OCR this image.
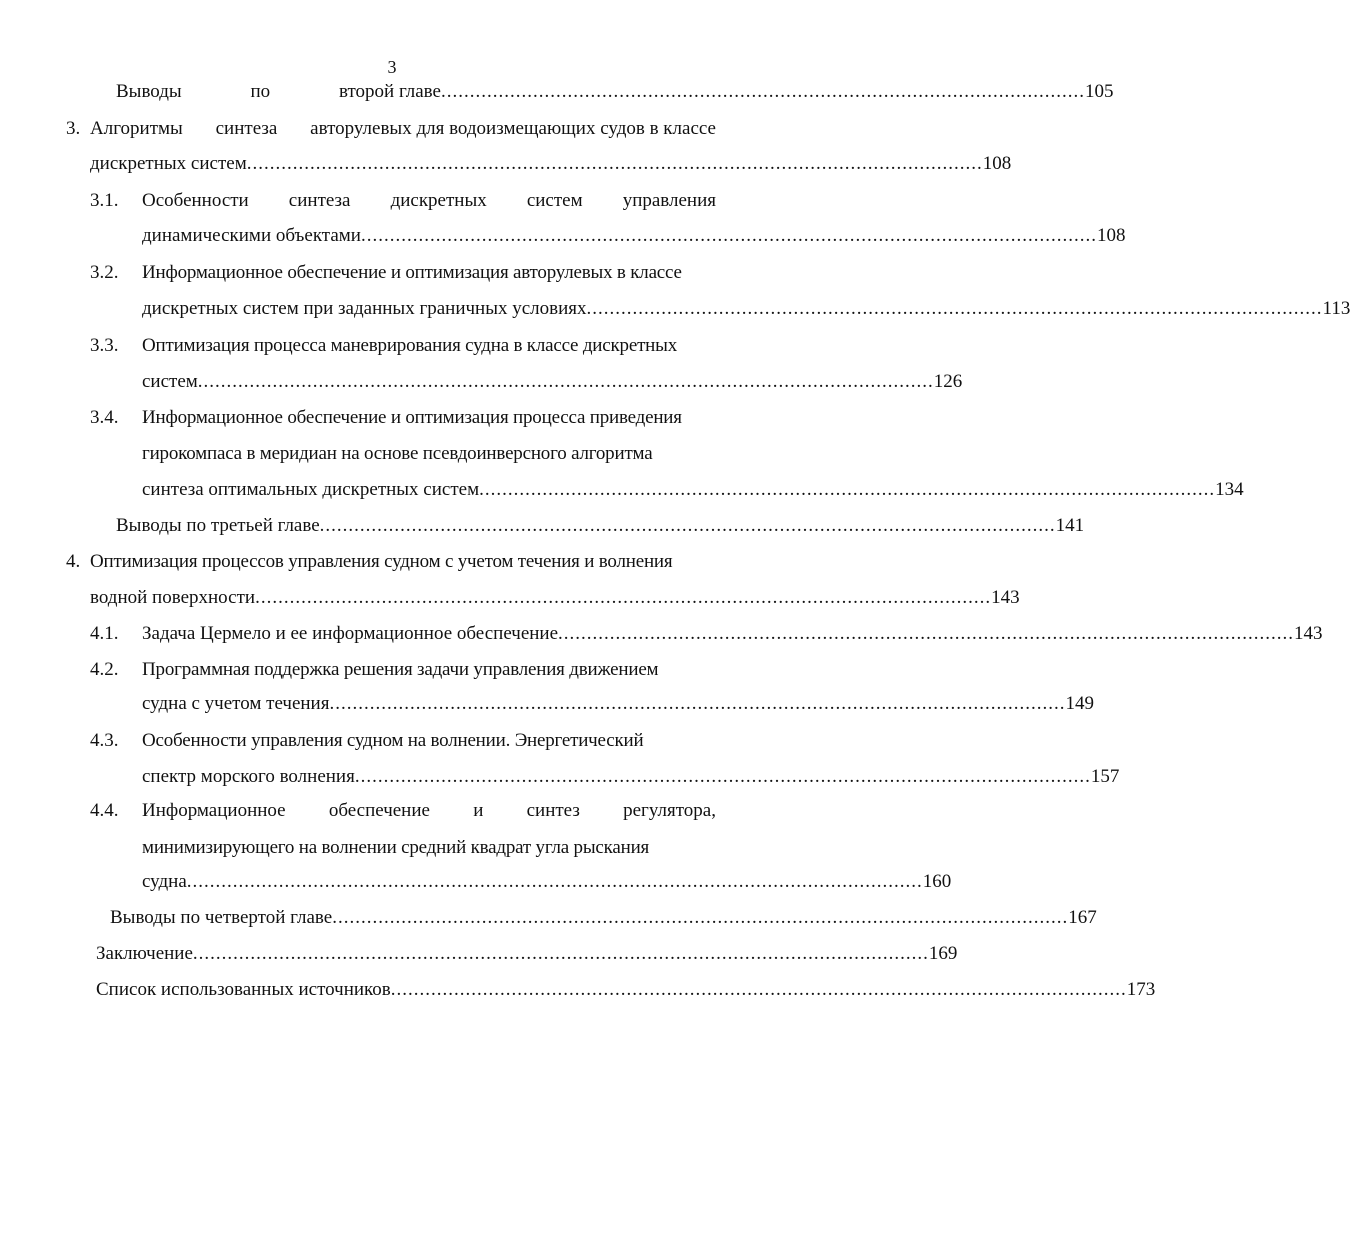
3
Выводы	по	второй главе ................................................................................................................ 105
3. Алгоритмы синтеза авторулевых для водоизмещающих судов в классе
дискретных систем ................................................................................................................................ 108
3.1. Особенности синтеза дискретных систем управления
динамическими объектами ................................................................................................................................ 108
3.2. Информационное обеспечение и оптимизация авторулевых в классе
дискретных систем при заданных граничных условиях ................................................................................................................................ 113
3.3. Оптимизация процесса маневрирования судна в классе дискретных
систем ................................................................................................................................ 126
3.4. Информационное обеспечение и оптимизация процесса приведения
гирокомпаса в меридиан на основе псевдоинверсного алгоритма
синтеза оптимальных дискретных систем ................................................................................................................................ 134
Выводы по третьей главе ................................................................................................................................ 141
4. Оптимизация процессов управления судном с учетом течения и волнения
водной поверхности ................................................................................................................................ 143
4.1. Задача Цермело и ее информационное обеспечение ................................................................................................................................ 143
4.2. Программная поддержка решения задачи управления движением
судна с учетом течения ................................................................................................................................ 149
4.3. Особенности управления судном на волнении. Энергетический
спектр морского волнения ................................................................................................................................ 157
4.4. Информационное обеспечение и синтез регулятора,
минимизирующего на волнении средний квадрат угла рыскания
судна ................................................................................................................................ 160
Выводы по четвертой главе ................................................................................................................................ 167
Заключение ................................................................................................................................ 169
Список использованных источников ................................................................................................................................ 173
